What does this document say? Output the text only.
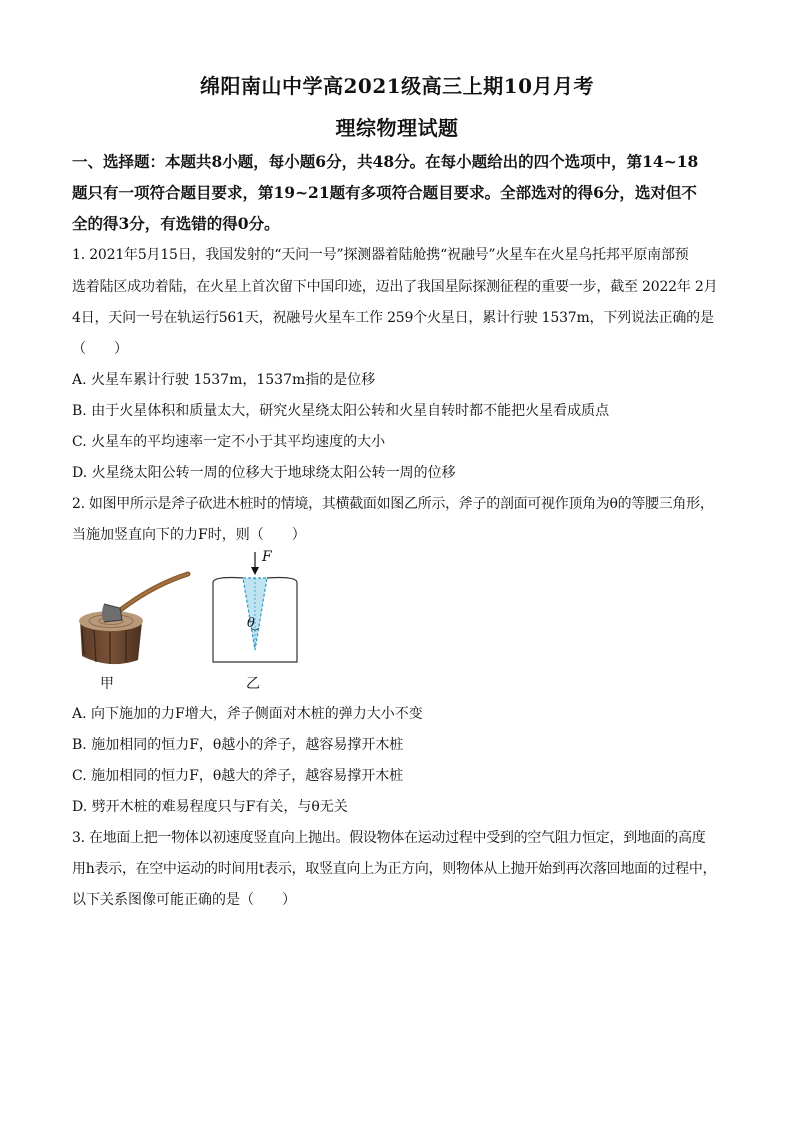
绵阳南山中学高2021级高三上期10月月考
理综物理试题
一、选择题：本题共8小题，每小题6分，共48分。在每小题给出的四个选项中，第14~18
题只有一项符合题目要求，第19~21题有多项符合题目要求。全部选对的得6分，选对但不
全的得3分，有选错的得0分。
1. 2021年5月15日，我国发射的“天问一号”探测器着陆舱携“祝融号”火星车在火星乌托邦平原南部预
选着陆区成功着陆，在火星上首次留下中国印迹，迈出了我国星际探测征程的重要一步，截至 2022年 2月
4日，天问一号在轨运行561天，祝融号火星车工作 259个火星日，累计行驶 1537m，下列说法正确的是
（　　）
A. 火星车累计行驶 1537m，1537m指的是位移
B. 由于火星体积和质量太大，研究火星绕太阳公转和火星自转时都不能把火星看成质点
C. 火星车的平均速率一定不小于其平均速度的大小
D. 火星绕太阳公转一周的位移大于地球绕太阳公转一周的位移
2. 如图甲所示是斧子砍进木桩时的情境，其横截面如图乙所示，斧子的剖面可视作顶角为θ的等腰三角形，
当施加竖直向下的力F时，则（　　）
甲
F
θ
乙
A. 向下施加的力F增大，斧子侧面对木桩的弹力大小不变
B. 施加相同的恒力F，θ越小的斧子，越容易撑开木桩
C. 施加相同的恒力F，θ越大的斧子，越容易撑开木桩
D. 劈开木桩的难易程度只与F有关，与θ无关
3. 在地面上把一物体以初速度竖直向上抛出。假设物体在运动过程中受到的空气阻力恒定，到地面的高度
用h表示，在空中运动的时间用t表示，取竖直向上为正方向，则物体从上抛开始到再次落回地面的过程中，
以下关系图像可能正确的是（　　）
